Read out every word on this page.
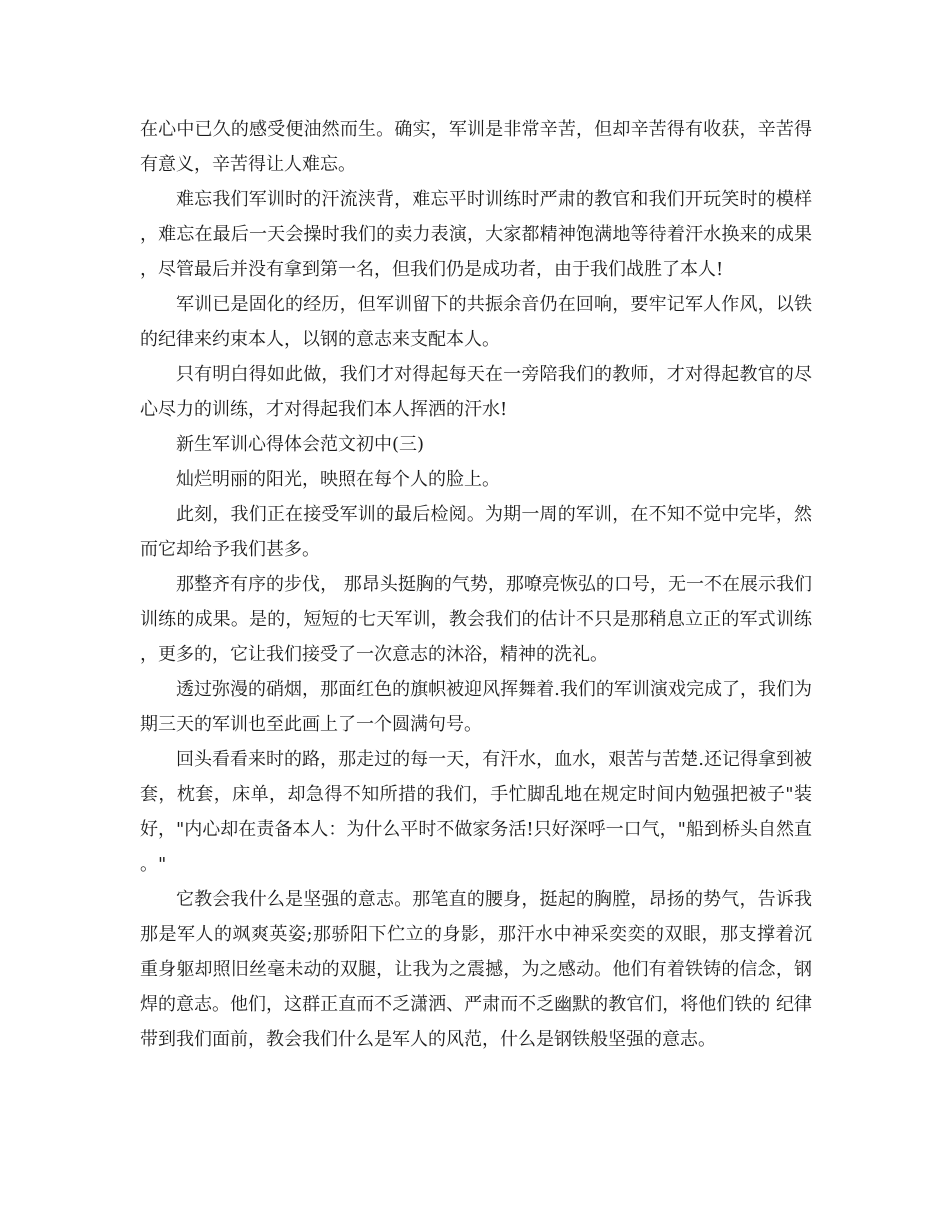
在心中已久的感受便油然而生。确实，军训是非常辛苦，但却辛苦得有收获，辛苦得有意义，辛苦得让人难忘。

难忘我们军训时的汗流浃背，难忘平时训练时严肃的教官和我们开玩笑时的模样，难忘在最后一天会操时我们的卖力表演，大家都精神饱满地等待着汗水换来的成果，尽管最后并没有拿到第一名，但我们仍是成功者，由于我们战胜了本人!

军训已是固化的经历，但军训留下的共振余音仍在回响，要牢记军人作风，以铁的纪律来约束本人，以钢的意志来支配本人。

只有明白得如此做，我们才对得起每天在一旁陪我们的教师，才对得起教官的尽心尽力的训练，才对得起我们本人挥洒的汗水!

新生军训心得体会范文初中(三)

灿烂明丽的阳光，映照在每个人的脸上。

此刻，我们正在接受军训的最后检阅。为期一周的军训，在不知不觉中完毕，然而它却给予我们甚多。

那整齐有序的步伐， 那昂头挺胸的气势，那嘹亮恢弘的口号，无一不在展示我们训练的成果。是的，短短的七天军训，教会我们的估计不只是那稍息立正的军式训练，更多的，它让我们接受了一次意志的沐浴，精神的洗礼。

透过弥漫的硝烟，那面红色的旗帜被迎风挥舞着.我们的军训演戏完成了，我们为期三天的军训也至此画上了一个圆满句号。

回头看看来时的路，那走过的每一天，有汗水，血水，艰苦与苦楚.还记得拿到被套，枕套，床单，却急得不知所措的我们，手忙脚乱地在规定时间内勉强把被子"装好，"内心却在责备本人：为什么平时不做家务活!只好深呼一口气，"船到桥头自然直。"

它教会我什么是坚强的意志。那笔直的腰身，挺起的胸膛，昂扬的势气，告诉我那是军人的飒爽英姿;那骄阳下伫立的身影，那汗水中神采奕奕的双眼，那支撑着沉 重身躯却照旧丝毫未动的双腿，让我为之震撼，为之感动。他们有着铁铸的信念，钢焊的意志。他们，这群正直而不乏潇洒、严肃而不乏幽默的教官们，将他们铁的 纪律带到我们面前，教会我们什么是军人的风范，什么是钢铁般坚强的意志。
